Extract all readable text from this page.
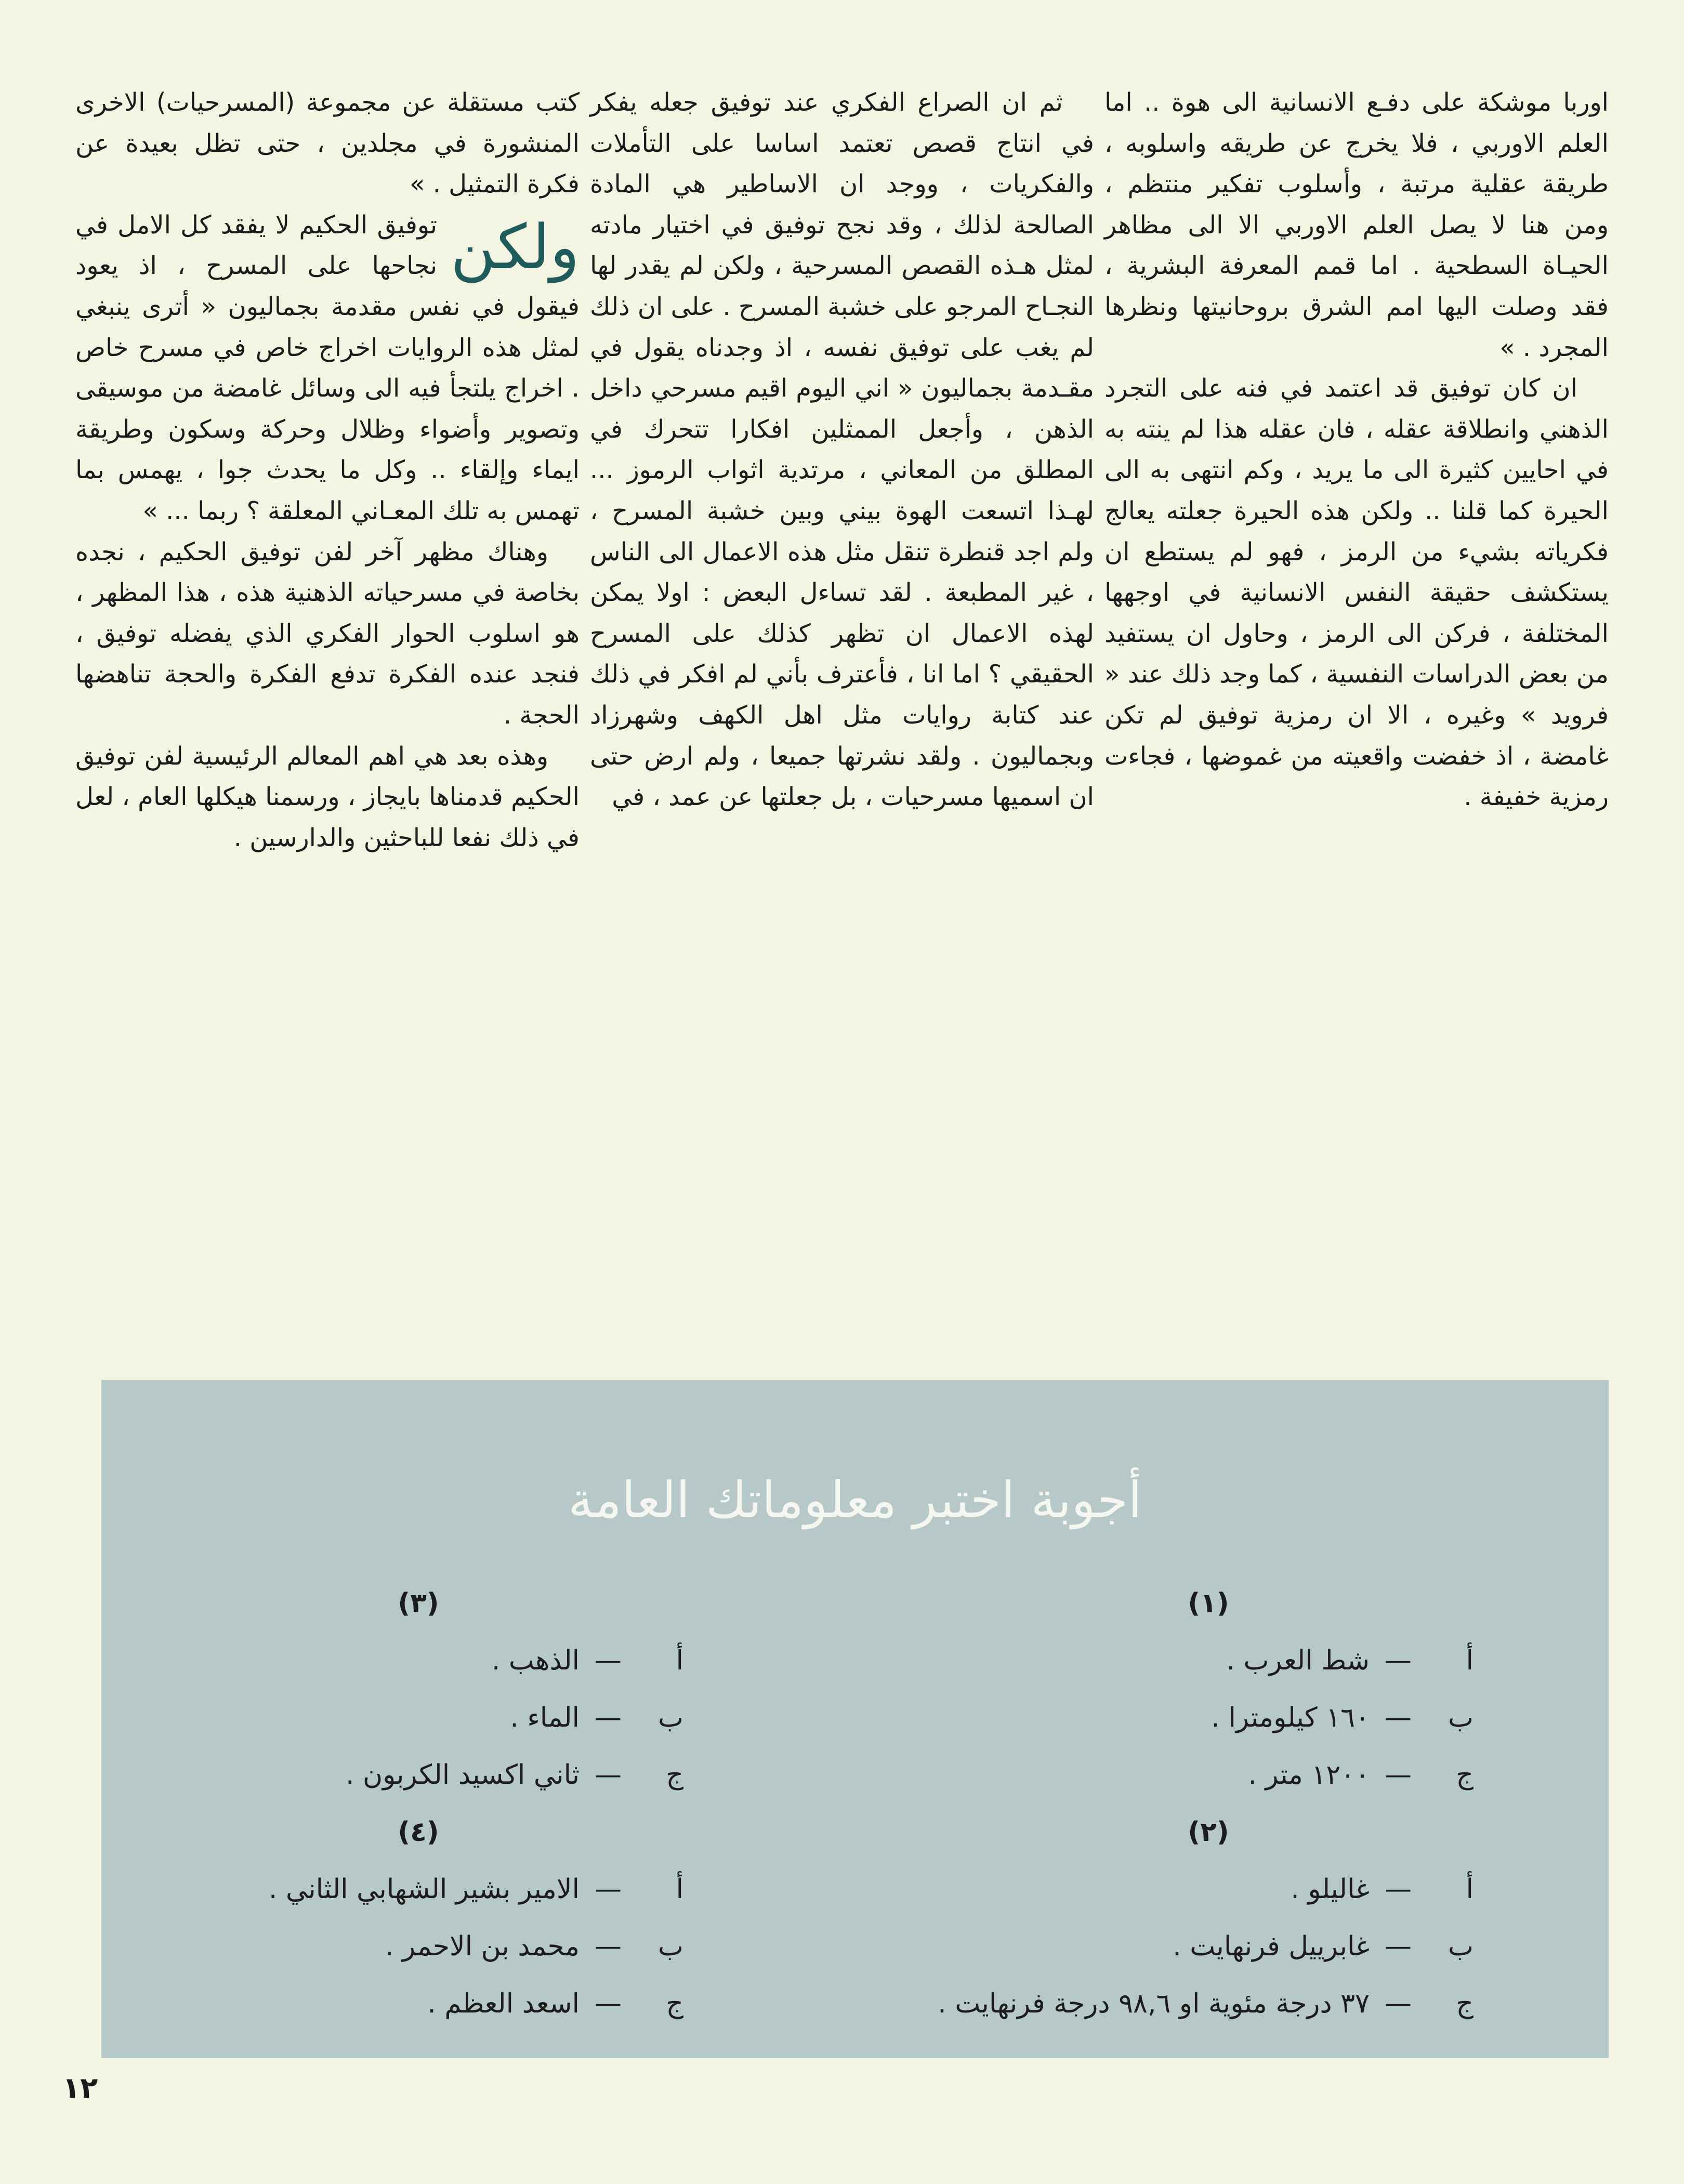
اوربا موشكة على دفـع الانسانية الى هوة .. اما العلم الاوربي ، فلا يخرج عن طريقه واسلوبه ، طريقة عقلية مرتبة ، وأسلوب تفكير منتظم ، ومن هنا لا يصل العلم الاوربي الا الى مظاهر الحيـاة السطحية . اما قمم المعرفة البشرية ، فقد وصلت اليها امم الشرق بروحانيتها ونظرها المجرد . »

ان كان توفيق قد اعتمد في فنه على التجرد الذهني وانطلاقة عقله ، فان عقله هذا لم ينته به في احايين كثيرة الى ما يريد ، وكم انتهى به الى الحيرة كما قلنا .. ولكن هذه الحيرة جعلته يعالج فكرياته بشيء من الرمز ، فهو لم يستطع ان يستكشف حقيقة النفس الانسانية في اوجهها المختلفة ، فركن الى الرمز ، وحاول ان يستفيد من بعض الدراسات النفسية ، كما وجد ذلك عند « فرويد » وغيره ، الا ان رمزية توفيق لم تكن غامضة ، اذ خفضت واقعيته من غموضها ، فجاءت رمزية خفيفة .

ثم ان الصراع الفكري عند توفيق جعله يفكر في انتاج قصص تعتمد اساسا على التأملات والفكريات ، ووجد ان الاساطير هي المادة الصالحة لذلك ، وقد نجح توفيق في اختيار مادته لمثل هـذه القصص المسرحية ، ولكن لم يقدر لها النجـاح المرجو على خشبة المسرح . على ان ذلك لم يغب على توفيق نفسه ، اذ وجدناه يقول في مقـدمة بجماليون « اني اليوم اقيم مسرحي داخل الذهن ، وأجعل الممثلين افكارا تتحرك في المطلق من المعاني ، مرتدية اثواب الرموز ... لهـذا اتسعت الهوة بيني وبين خشبة المسرح ، ولم اجد قنطرة تنقل مثل هذه الاعمال الى الناس ، غير المطبعة . لقد تساءل البعض : اولا يمكن لهذه الاعمال ان تظهر كذلك على المسرح الحقيقي ؟ اما انا ، فأعترف بأني لم افكر في ذلك عند كتابة روايات مثل اهل الكهف وشهرزاد وبجماليون . ولقد نشرتها جميعا ، ولم ارض حتى ان اسميها مسرحيات ، بل جعلتها عن عمد ، في

كتب مستقلة عن مجموعة (المسرحيات) الاخرى المنشورة في مجلدين ، حتى تظل بعيدة عن فكرة التمثيل . »

ولكن
توفيق الحكيم لا يفقد كل الامل في نجاحها على المسرح ، اذ يعود فيقول في نفس مقدمة بجماليون « أترى ينبغي لمثل هذه الروايات اخراج خاص في مسرح خاص . اخراج يلتجأ فيه الى وسائل غامضة من موسيقى وتصوير وأضواء وظلال وحركة وسكون وطريقة ايماء وإلقاء .. وكل ما يحدث جوا ، يهمس بما تهمس به تلك المعـاني المعلقة ؟ ربما ... »

وهناك مظهر آخر لفن توفيق الحكيم ، نجده بخاصة في مسرحياته الذهنية هذه ، هذا المظهر ، هو اسلوب الحوار الفكري الذي يفضله توفيق ، فنجد عنده الفكرة تدفع الفكرة والحجة تناهضها الحجة .

وهذه بعد هي اهم المعالم الرئيسية لفن توفيق الحكيم قدمناها بايجاز ، ورسمنا هيكلها العام ، لعل في ذلك نفعا للباحثين والدارسين .

أجوبة اختبر معلوماتك العامة
(١)
أ
—
شط العرب .
ب
—
١٦٠ كيلومترا .
ج
—
١٢٠٠ متر .
(٢)
أ
—
غاليلو .
ب
—
غابرييل فرنهايت .
ج
—
٣٧ درجة مئوية او ٩٨,٦ درجة فرنهايت .
(٣)
أ
—
الذهب .
ب
—
الماء .
ج
—
ثاني اكسيد الكربون .
(٤)
أ
—
الامير بشير الشهابي الثاني .
ب
—
محمد بن الاحمر .
ج
—
اسعد العظم .
١٢
